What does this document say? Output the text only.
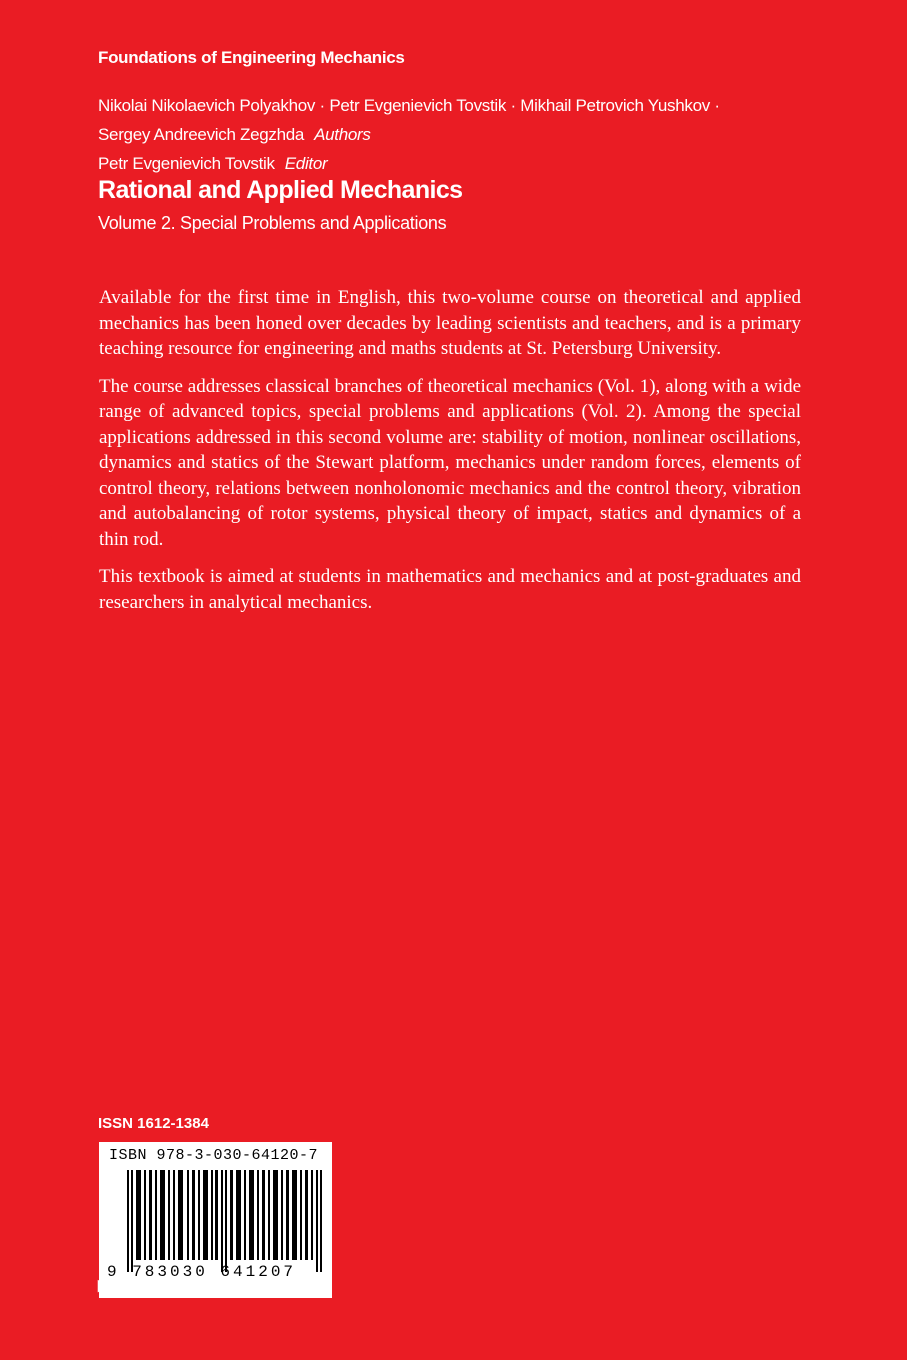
Foundations of Engineering Mechanics
Nikolai Nikolaevich Polyakhov · Petr Evgenievich Tovstik · Mikhail Petrovich Yushkov ·
Sergey Andreevich Zegzhda Authors
Petr Evgenievich Tovstik Editor
Rational and Applied Mechanics
Volume 2. Special Problems and Applications

Available for the first time in English, this two-volume course on theoretical and applied mechanics has been honed over decades by leading scientists and teachers, and is a primary teaching resource for engineering and maths students at St. Petersburg University.

The course addresses classical branches of theoretical mechanics (Vol. 1), along with a wide range of advanced topics, special problems and applications (Vol. 2). Among the special applications addressed in this second volume are: stability of motion, nonlinear oscillations, dynamics and statics of the Stewart platform, mechanics under random forces, elements of control theory, relations between nonholonomic mechanics and the control theory, vibration and autobalancing of rotor systems, physical theory of impact, statics and dynamics of a thin rod.

This textbook is aimed at students in mathematics and mechanics and at post-graduates and researchers in analytical mechanics.

ISSN 1612-1384
ISBN 978-3-030-64120-7
9 783030 641207
▶ springer.com
